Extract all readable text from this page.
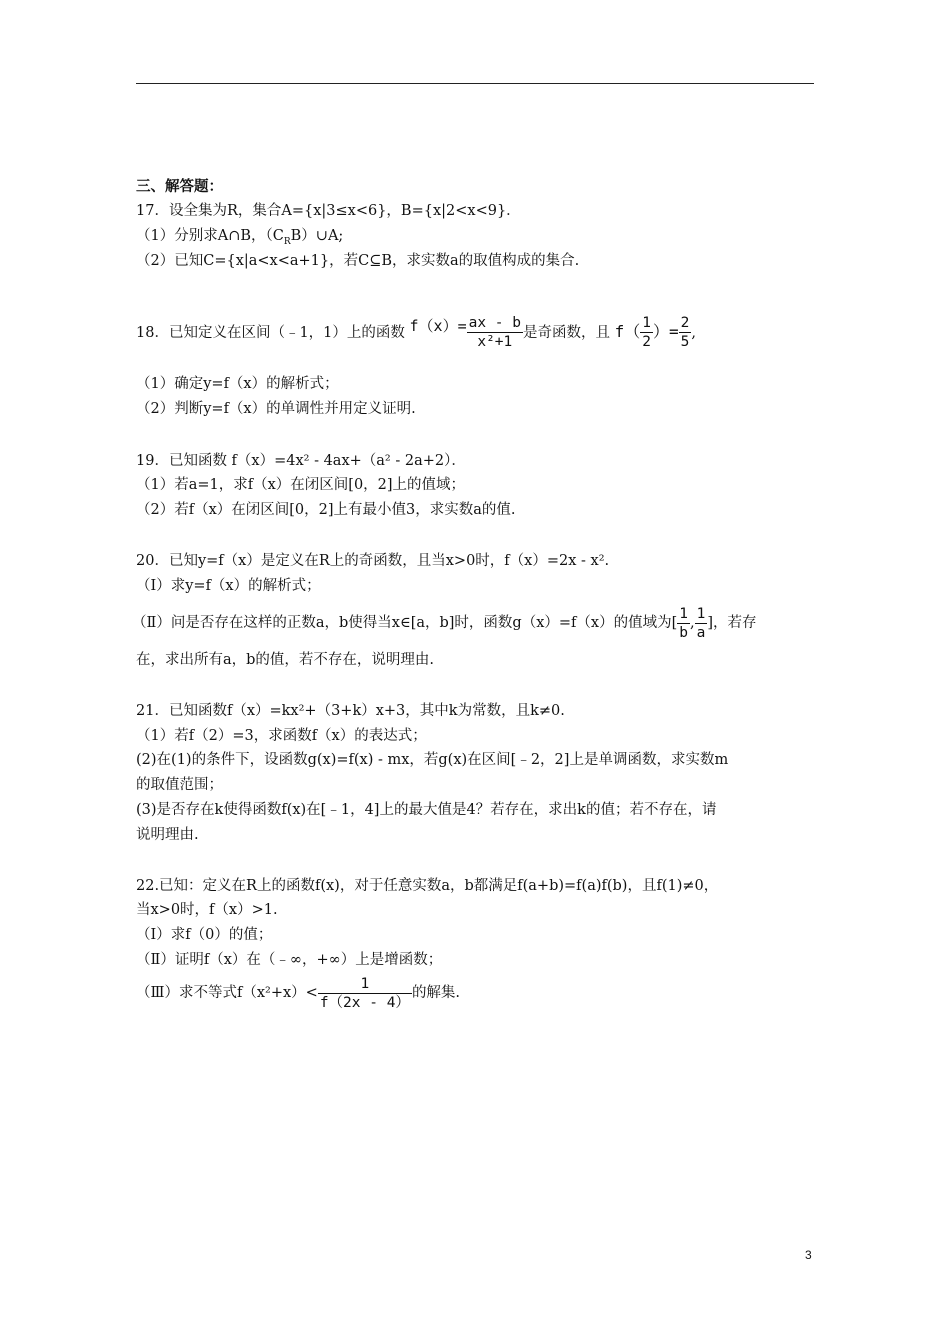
三、解答题：
17．设全集为R，集合A={x|3≤x<6}，B={x|2<x<9}．
（1）分别求A∩B，$(C_RB)\cup A$;
（2）已知C={x|a<x<a+1}，若C⊆B，求实数a的取值构成的集合.
18．已知定义在区间（﹣1，1）上的函数 $f(x)= \frac{ax - b}{\text{x²+1}}$ 是奇函数，且 $f( \frac{1}{2}$ ）= $\frac{2}{5}$ ,
（1）确定y=f（x）的解析式；
（2）判断y=f（x）的单调性并用定义证明.
19．已知函数 f（x）=4x² - 4ax+（a² - 2a+2）．
（1）若a=1，求f（x）在闭区间[0，2]上的值域；
（2）若f（x）在闭区间[0，2]上有最小值3，求实数a的值.
20．已知y=f（x）是定义在R上的奇函数，且当x>0时，f（x）=2x - x².
（Ⅰ）求y=f（x）的解析式；
（Ⅱ）问是否存在这样的正数a，b使得当x∈[a，b]时，函数g（x）=f（x）的值域为[ $\frac{1}{b}$ , $\frac{1}{a}$ ]，若存
在，求出所有a，b的值，若不存在，说明理由.
21．已知函数f（x）=kx²+（3+k）x+3，其中k为常数，且k≠0.
（1）若f（2）=3，求函数f（x）的表达式；
(2)在(1)的条件下，设函数g(x)=f(x) - mx，若g(x)在区间[﹣2，2]上是单调函数，求实数m
的取值范围；
(3)是否存在k使得函数f(x)在[﹣1，4]上的最大值是4？若存在，求出k的值；若不存在，请
说明理由.
22.已知：定义在R上的函数f(x)，对于任意实数a，b都满足f(a+b)=f(a)f(b)，且f(1)≠0，
当x>0时，f（x）>1.
（Ⅰ）求f（0）的值；
（Ⅱ）证明f（x）在（﹣∞，+∞）上是增函数；
（Ⅲ）求不等式$f(x^2+x)< \frac{1}{f(2x - 4)}$ 的解集.
3
